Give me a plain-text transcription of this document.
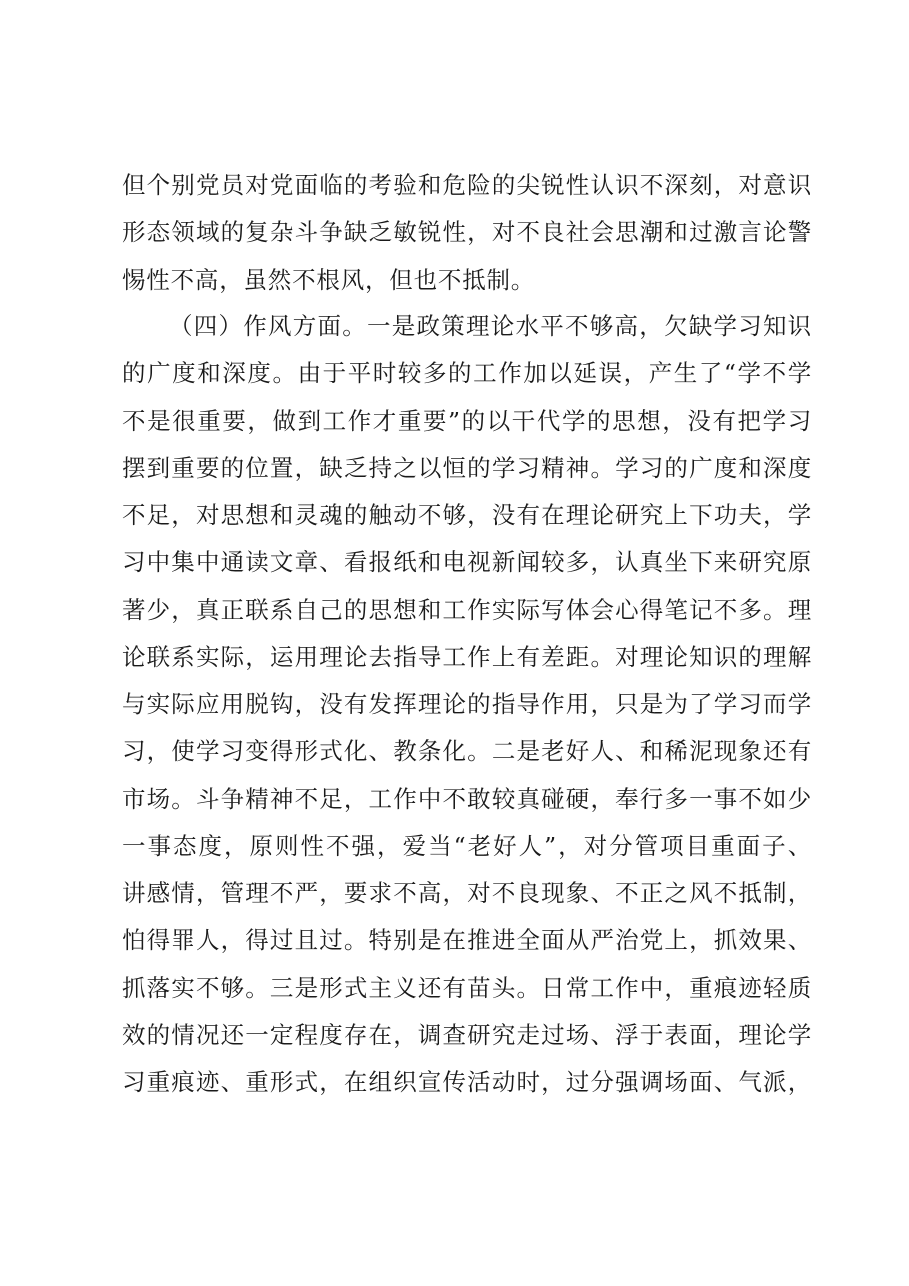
但个别党员对党面临的考验和危险的尖锐性认识不深刻，对意识
形态领域的复杂斗争缺乏敏锐性，对不良社会思潮和过激言论警
惕性不高，虽然不根风，但也不抵制。
（四）作风方面。一是政策理论水平不够高，欠缺学习知识
的广度和深度。由于平时较多的工作加以延误，产生了“学不学
不是很重要，做到工作才重要”的以干代学的思想，没有把学习
摆到重要的位置，缺乏持之以恒的学习精神。学习的广度和深度
不足，对思想和灵魂的触动不够，没有在理论研究上下功夫，学
习中集中通读文章、看报纸和电视新闻较多，认真坐下来研究原
著少，真正联系自己的思想和工作实际写体会心得笔记不多。理
论联系实际，运用理论去指导工作上有差距。对理论知识的理解
与实际应用脱钩，没有发挥理论的指导作用，只是为了学习而学
习，使学习变得形式化、教条化。二是老好人、和稀泥现象还有
市场。斗争精神不足，工作中不敢较真碰硬，奉行多一事不如少
一事态度，原则性不强，爱当“老好人”，对分管项目重面子、
讲感情，管理不严，要求不高，对不良现象、不正之风不抵制，
怕得罪人，得过且过。特别是在推进全面从严治党上，抓效果、
抓落实不够。三是形式主义还有苗头。日常工作中，重痕迹轻质
效的情况还一定程度存在，调查研究走过场、浮于表面，理论学
习重痕迹、重形式，在组织宣传活动时，过分强调场面、气派，
